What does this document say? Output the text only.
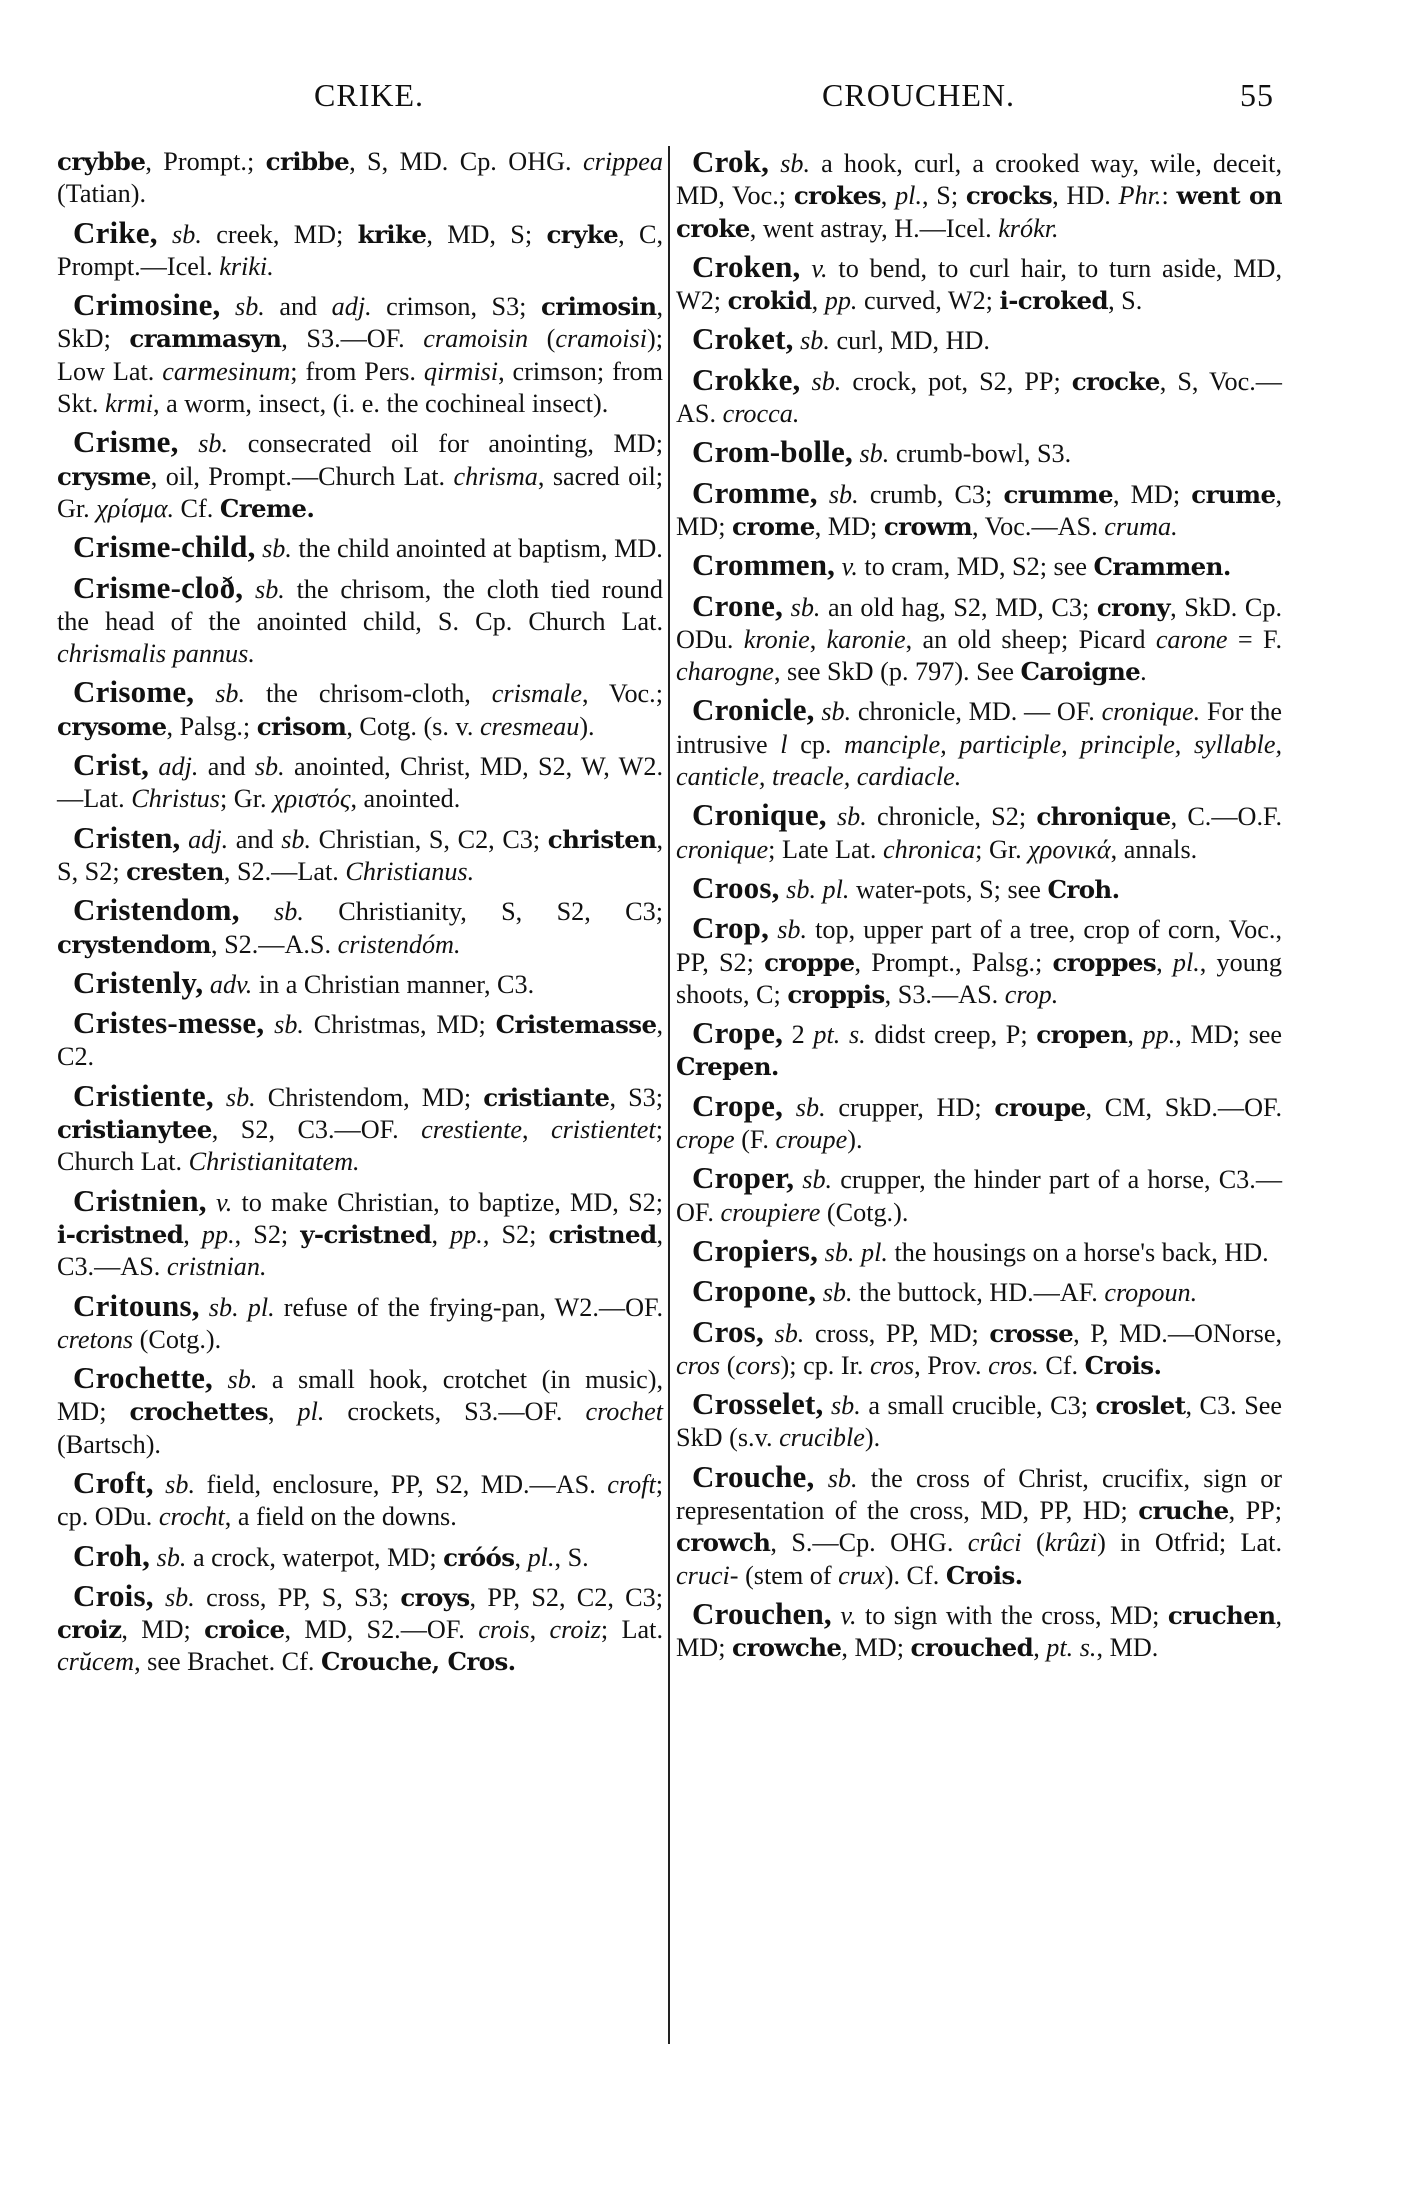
CRIKE.	CROUCHEN.	55

crybbe, Prompt.; cribbe, S, MD. Cp. OHG. crippea (Tatian).

Crike, sb. creek, MD; krike, MD, S; cryke, C, Prompt.—Icel. kriki.

Crimosine, sb. and adj. crimson, S3; crimosin, SkD; crammasyn, S3.—OF. cramoisin (cramoisi); Low Lat. carmesinum; from Pers. qirmisi, crimson; from Skt. krmi, a worm, insect, (i. e. the cochineal insect).

Crisme, sb. consecrated oil for anointing, MD; crysme, oil, Prompt.—Church Lat. chrisma, sacred oil; Gr. χρίσμα. Cf. Creme.

Crisme-child, sb. the child anointed at baptism, MD.

Crisme-cloð, sb. the chrisom, the cloth tied round the head of the anointed child, S. Cp. Church Lat. chrismalis pannus.

Crisome, sb. the chrisom-cloth, crismale, Voc.; crysome, Palsg.; crisom, Cotg. (s. v. cresmeau).

Crist, adj. and sb. anointed, Christ, MD, S2, W, W2.—Lat. Christus; Gr. χριστός, anointed.

Cristen, adj. and sb. Christian, S, C2, C3; christen, S, S2; cresten, S2.—Lat. Christianus.

Cristendom, sb. Christianity, S, S2, C3; crystendom, S2.—A.S. cristendóm.

Cristenly, adv. in a Christian manner, C3.

Cristes-messe, sb. Christmas, MD; Cristemasse, C2.

Cristiente, sb. Christendom, MD; cristiante, S3; cristianytee, S2, C3.—OF. crestiente, cristientet; Church Lat. Christianitatem.

Cristnien, v. to make Christian, to baptize, MD, S2; i-cristned, pp., S2; y-cristned, pp., S2; cristned, C3.—AS. cristnian.

Critouns, sb. pl. refuse of the frying-pan, W2.—OF. cretons (Cotg.).

Crochette, sb. a small hook, crotchet (in music), MD; crochettes, pl. crockets, S3.—OF. crochet (Bartsch).

Croft, sb. field, enclosure, PP, S2, MD.—AS. croft; cp. ODu. crocht, a field on the downs.

Croh, sb. a crock, waterpot, MD; cróós, pl., S.

Crois, sb. cross, PP, S, S3; croys, PP, S2, C2, C3; croiz, MD; croice, MD, S2.—OF. crois, croiz; Lat. crŭcem, see Brachet. Cf. Crouche, Cros.

Crok, sb. a hook, curl, a crooked way, wile, deceit, MD, Voc.; crokes, pl., S; crocks, HD. Phr.: went on croke, went astray, H.—Icel. krókr.

Croken, v. to bend, to curl hair, to turn aside, MD, W2; crokid, pp. curved, W2; i-croked, S.

Croket, sb. curl, MD, HD.

Crokke, sb. crock, pot, S2, PP; crocke, S, Voc.—AS. crocca.

Crom-bolle, sb. crumb-bowl, S3.

Cromme, sb. crumb, C3; crumme, MD; crume, MD; crome, MD; crowm, Voc.—AS. cruma.

Crommen, v. to cram, MD, S2; see Crammen.

Crone, sb. an old hag, S2, MD, C3; crony, SkD. Cp. ODu. kronie, karonie, an old sheep; Picard carone = F. charogne, see SkD (p. 797). See Caroigne.

Cronicle, sb. chronicle, MD. — OF. cronique. For the intrusive l cp. manciple, participle, principle, syllable, canticle, treacle, cardiacle.

Cronique, sb. chronicle, S2; chronique, C.—O.F. cronique; Late Lat. chronica; Gr. χρονικά, annals.

Croos, sb. pl. water-pots, S; see Croh.

Crop, sb. top, upper part of a tree, crop of corn, Voc., PP, S2; croppe, Prompt., Palsg.; croppes, pl., young shoots, C; croppis, S3.—AS. crop.

Crope, 2 pt. s. didst creep, P; cropen, pp., MD; see Crepen.

Crope, sb. crupper, HD; croupe, CM, SkD.—OF. crope (F. croupe).

Croper, sb. crupper, the hinder part of a horse, C3.—OF. croupiere (Cotg.).

Cropiers, sb. pl. the housings on a horse's back, HD.

Cropone, sb. the buttock, HD.—AF. cropoun.

Cros, sb. cross, PP, MD; crosse, P, MD.—ONorse, cros (cors); cp. Ir. cros, Prov. cros. Cf. Crois.

Crosselet, sb. a small crucible, C3; croslet, C3. See SkD (s.v. crucible).

Crouche, sb. the cross of Christ, crucifix, sign or representation of the cross, MD, PP, HD; cruche, PP; crowch, S.—Cp. OHG. crûci (krûzi) in Otfrid; Lat. cruci- (stem of crux). Cf. Crois.

Crouchen, v. to sign with the cross, MD; cruchen, MD; crowche, MD; crouched, pt. s., MD.
